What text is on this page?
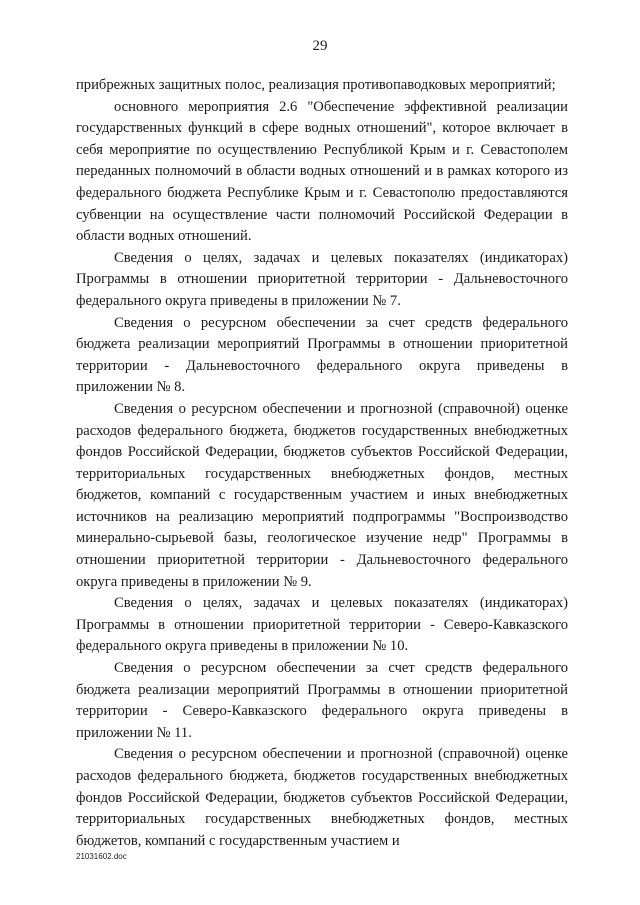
29

прибрежных защитных полос, реализация противопаводковых мероприятий;

основного мероприятия 2.6 "Обеспечение эффективной реализации государственных функций в сфере водных отношений", которое включает в себя мероприятие по осуществлению Республикой Крым и г. Севастополем переданных полномочий в области водных отношений и в рамках которого из федерального бюджета Республике Крым и г. Севастополю предоставляются субвенции на осуществление части полномочий Российской Федерации в области водных отношений.

Сведения о целях, задачах и целевых показателях (индикаторах) Программы в отношении приоритетной территории - Дальневосточного федерального округа приведены в приложении № 7.

Сведения о ресурсном обеспечении за счет средств федерального бюджета реализации мероприятий Программы в отношении приоритетной территории - Дальневосточного федерального округа приведены в приложении № 8.

Сведения о ресурсном обеспечении и прогнозной (справочной) оценке расходов федерального бюджета, бюджетов государственных внебюджетных фондов Российской Федерации, бюджетов субъектов Российской Федерации, территориальных государственных внебюджетных фондов, местных бюджетов, компаний с государственным участием и иных внебюджетных источников на реализацию мероприятий подпрограммы "Воспроизводство минерально-сырьевой базы, геологическое изучение недр" Программы в отношении приоритетной территории - Дальневосточного федерального округа приведены в приложении № 9.

Сведения о целях, задачах и целевых показателях (индикаторах) Программы в отношении приоритетной территории - Северо-Кавказского федерального округа приведены в приложении № 10.

Сведения о ресурсном обеспечении за счет средств федерального бюджета реализации мероприятий Программы в отношении приоритетной территории - Северо-Кавказского федерального округа приведены в приложении № 11.

Сведения о ресурсном обеспечении и прогнозной (справочной) оценке расходов федерального бюджета, бюджетов государственных внебюджетных фондов Российской Федерации, бюджетов субъектов Российской Федерации, территориальных государственных внебюджетных фондов, местных бюджетов, компаний с государственным участием и

21031602.doc
